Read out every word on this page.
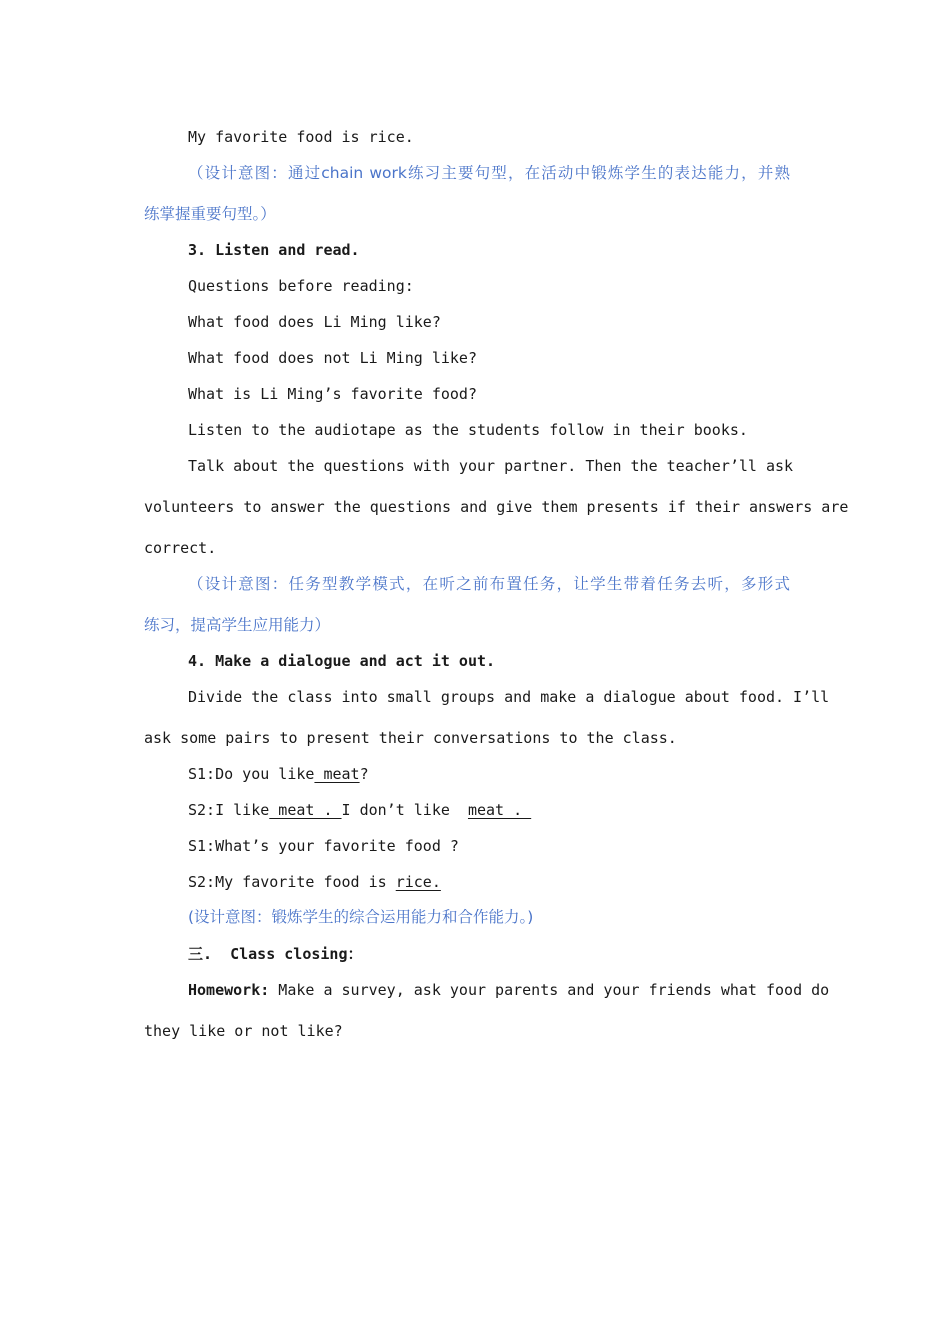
My favorite food is rice.
（设计意图：通过chain work练习主要句型，在活动中锻炼学生的表达能力，并熟
练掌握重要句型。）
3. Listen and read.
Questions before reading:
What food does Li Ming like?
What food does not Li Ming like?
What is Li Ming’s favorite food?
Listen to the audiotape as the students follow in their books.
Talk about the questions with your partner. Then the teacher’ll ask
volunteers to answer the questions and give them presents if their answers are
correct.
（设计意图：任务型教学模式，在听之前布置任务，让学生带着任务去听，多形式
练习，提高学生应用能力）
4. Make a dialogue and act it out.
Divide the class into small groups and make a dialogue about food. I’ll
ask some pairs to present their conversations to the class.
S1:Do you like meat?
S2:I like meat . I don’t like  meat .
S1:What’s your favorite food ?
S2:My favorite food is rice.
(设计意图：锻炼学生的综合运用能力和合作能力。)
三.  Class closing：
Homework: Make a survey, ask your parents and your friends what food do
they like or not like?
